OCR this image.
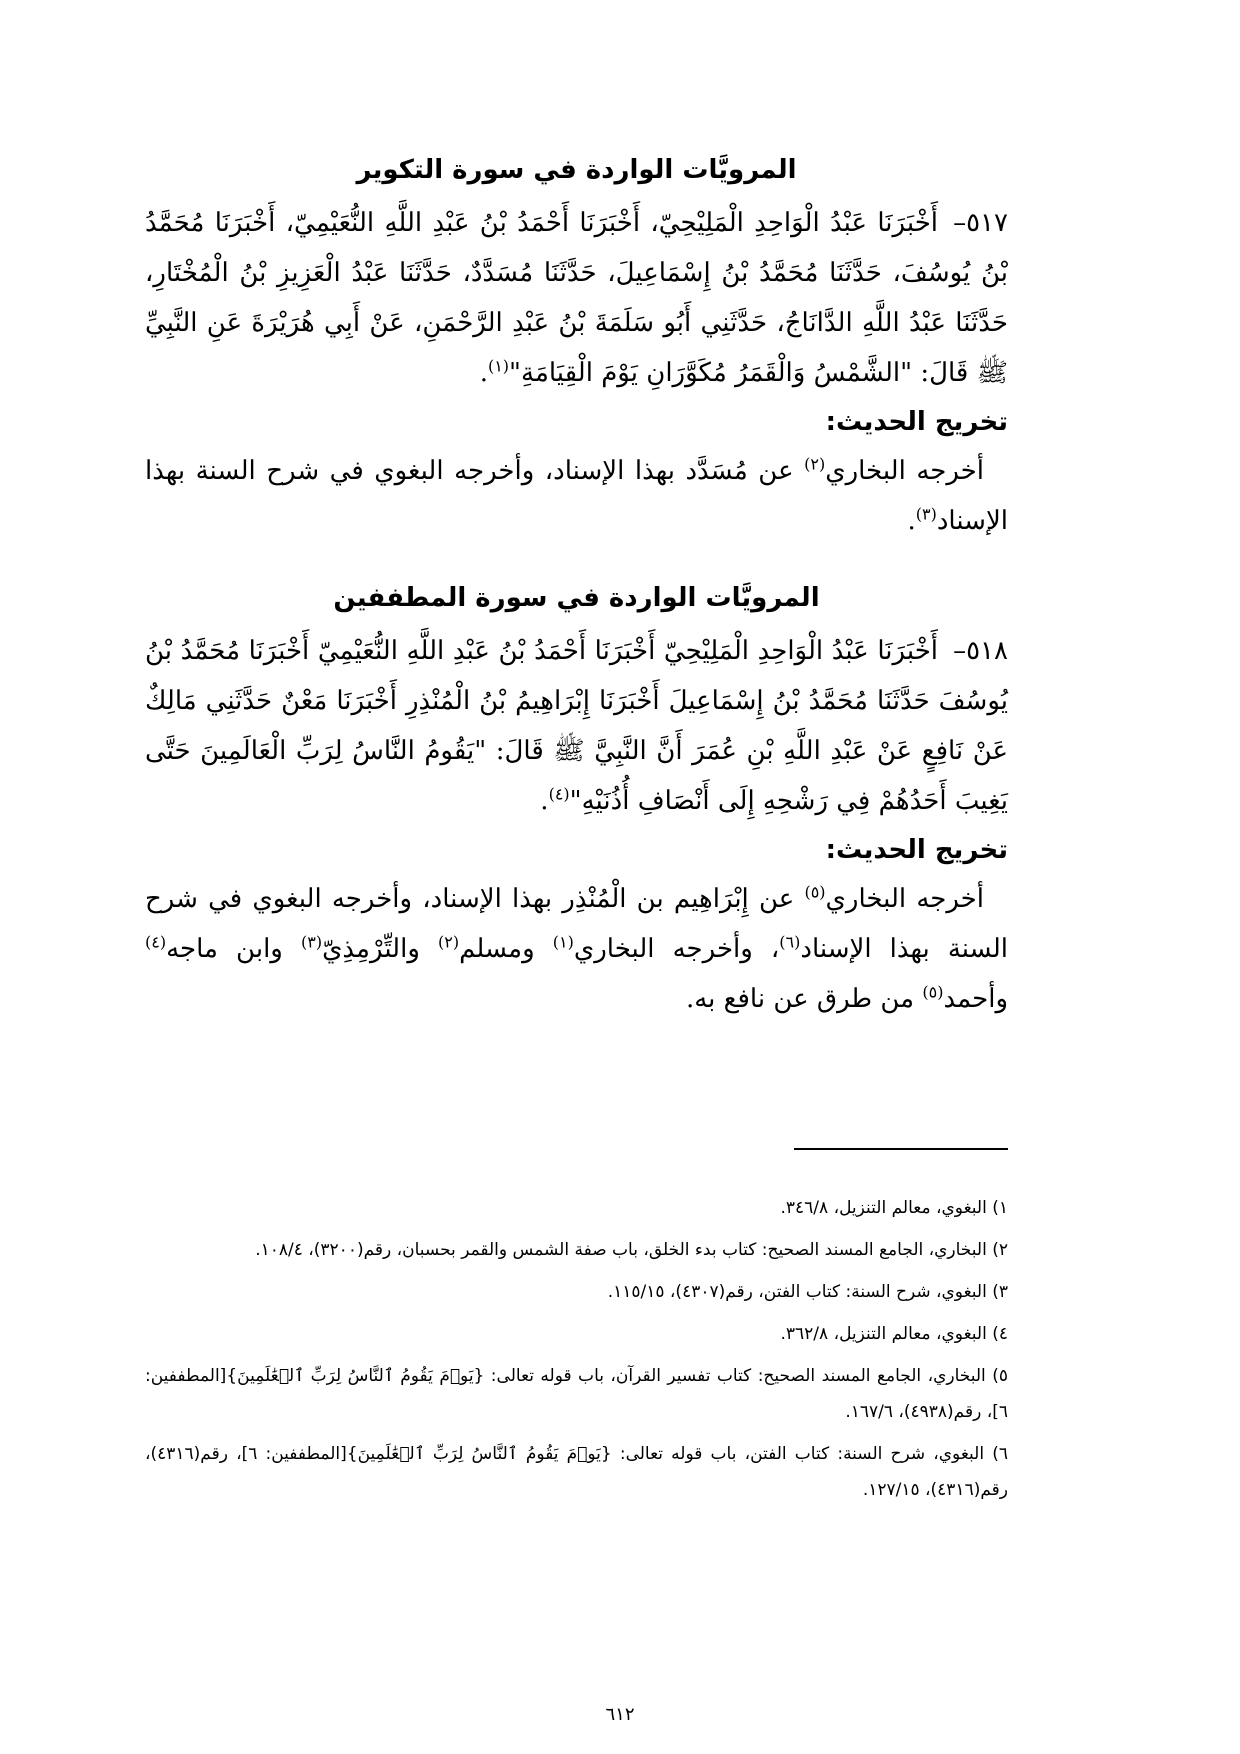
المرويَّات الواردة في سورة التكوير

٥١٧–أَخْبَرَنَا عَبْدُ الْوَاحِدِ الْمَلِيْحِيّ، أَخْبَرَنَا أَحْمَدُ بْنُ عَبْدِ اللَّهِ النُّعَيْمِيّ، أَخْبَرَنَا مُحَمَّدُ بْنُ يُوسُفَ، حَدَّثَنَا مُحَمَّدُ بْنُ إِسْمَاعِيلَ، حَدَّثَنَا مُسَدَّدٌ، حَدَّثَنَا عَبْدُ الْعَزِيزِ بْنُ الْمُخْتَارِ، حَدَّثَنَا عَبْدُ اللَّهِ الدَّانَاجُ، حَدَّثَنِي أَبُو سَلَمَةَ بْنُ عَبْدِ الرَّحْمَنِ، عَنْ أَبِي هُرَيْرَةَ عَنِ النَّبِيِّ ﷺ قَالَ: "الشَّمْسُ وَالْقَمَرُ مُكَوَّرَانِ يَوْمَ الْقِيَامَةِ"$^{(١)}$.

تخريج الحديث:

أخرجه البخاري$^{(٢)}$ عن مُسَدَّد بهذا الإسناد، وأخرجه البغوي في شرح السنة بهذا الإسناد$^{(٣)}$.

المرويَّات الواردة في سورة المطففين

٥١٨–أَخْبَرَنَا عَبْدُ الْوَاحِدِ الْمَلِيْحِيّ أَخْبَرَنَا أَحْمَدُ بْنُ عَبْدِ اللَّهِ النُّعَيْمِيّ أَخْبَرَنَا مُحَمَّدُ بْنُ يُوسُفَ حَدَّثَنَا مُحَمَّدُ بْنُ إِسْمَاعِيلَ أَخْبَرَنَا إِبْرَاهِيمُ بْنُ الْمُنْذِرِ أَخْبَرَنَا مَعْنٌ حَدَّثَنِي مَالِكٌ عَنْ نَافِعٍ عَنْ عَبْدِ اللَّهِ بْنِ عُمَرَ أَنَّ النَّبِيَّ ﷺ قَالَ: "يَقُومُ النَّاسُ لِرَبِّ الْعَالَمِينَ حَتَّى يَغِيبَ أَحَدُهُمْ فِي رَشْحِهِ إِلَى أَنْصَافِ أُذُنَيْهِ"$^{(٤)}$.

تخريج الحديث:

أخرجه البخاري$^{(٥)}$ عن إِبْرَاهِيم بن الْمُنْذِر بهذا الإسناد، وأخرجه البغوي في شرح السنة بهذا الإسناد$^{(٦)}$، وأخرجه البخاري$^{(١)}$ ومسلم$^{(٢)}$ والتِّرْمِذِيّ$^{(٣)}$ وابن ماجه$^{(٤)}$ وأحمد$^{(٥)}$ من طرق عن نافع به.

١) البغوي، معالم التنزيل، ٣٤٦/٨.

٢) البخاري، الجامع المسند الصحيح: كتاب بدء الخلق، باب صفة الشمس والقمر بحسبان، رقم(٣٢٠٠)، ١٠٨/٤.

٣) البغوي، شرح السنة: كتاب الفتن، رقم(٤٣٠٧)، ١١٥/١٥.

٤) البغوي، معالم التنزيل، ٣٦٢/٨.

٥) البخاري، الجامع المسند الصحيح: كتاب تفسير القرآن، باب قوله تعالى: {يَوۡمَ يَقُومُ ٱلنَّاسُ لِرَبِّ ٱلۡعَٰلَمِينَ}[المطففين: ٦]، رقم(٤٩٣٨)، ١٦٧/٦.

٦) البغوي، شرح السنة: كتاب الفتن، باب قوله تعالى: {يَوۡمَ يَقُومُ ٱلنَّاسُ لِرَبِّ ٱلۡعَٰلَمِينَ}[المطففين: ٦]، رقم(٤٣١٦)، رقم(٤٣١٦)، ١٢٧/١٥.

٦١٢
